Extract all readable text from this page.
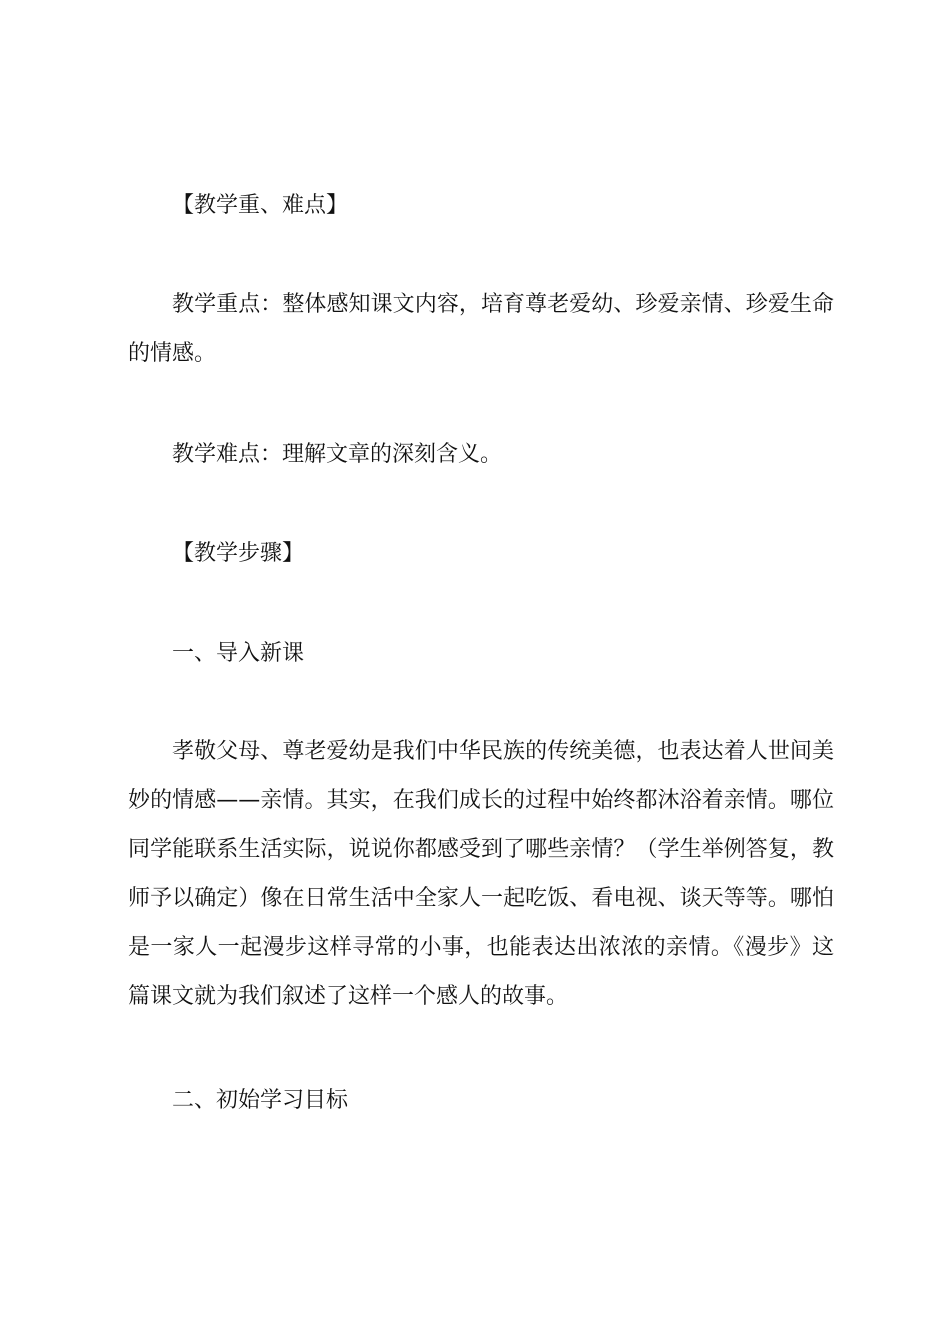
【教学重、难点】
教学重点：整体感知课文内容，培育尊老爱幼、珍爱亲情、珍爱生命的情感。
教学难点：理解文章的深刻含义。
【教学步骤】
一、导入新课
孝敬父母、尊老爱幼是我们中华民族的传统美德，也表达着人世间美妙的情感——亲情。其实，在我们成长的过程中始终都沐浴着亲情。哪位同学能联系生活实际，说说你都感受到了哪些亲情？（学生举例答复，教师予以确定）像在日常生活中全家人一起吃饭、看电视、谈天等等。哪怕是一家人一起漫步这样寻常的小事，也能表达出浓浓的亲情。《漫步》这篇课文就为我们叙述了这样一个感人的故事。
二、初始学习目标
